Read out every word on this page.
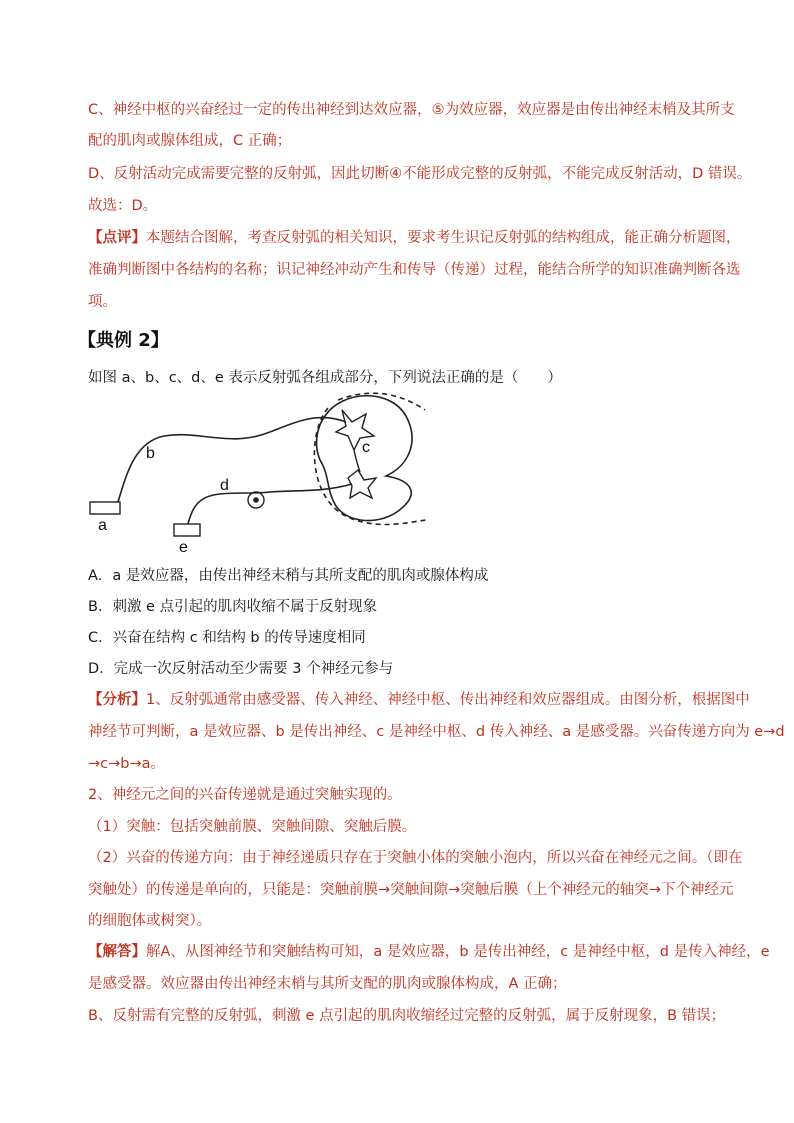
C、神经中枢的兴奋经过一定的传出神经到达效应器，⑤为效应器，效应器是由传出神经末梢及其所支
配的肌肉或腺体组成，C 正确；
D、反射活动完成需要完整的反射弧，因此切断④不能形成完整的反射弧，不能完成反射活动，D 错误。
故选：D。
【点评】本题结合图解，考查反射弧的相关知识，要求考生识记反射弧的结构组成，能正确分析题图，
准确判断图中各结构的名称；识记神经冲动产生和传导（传递）过程，能结合所学的知识准确判断各选
项。
【典例 2】
如图 a、b、c、d、e 表示反射弧各组成部分，下列说法正确的是（　　）
a
b	c
d
e
A．a 是效应器，由传出神经末稍与其所支配的肌肉或腺体构成
B．刺激 e 点引起的肌肉收缩不属于反射现象
C．兴奋在结构 c 和结构 b 的传导速度相同
D．完成一次反射活动至少需要 3 个神经元参与
【分析】1、反射弧通常由感受器、传入神经、神经中枢、传出神经和效应器组成。由图分析，根据图中
神经节可判断，a 是效应器、b 是传出神经、c 是神经中枢、d 传入神经、a 是感受器。兴奋传递方向为 e→d
→c→b→a。
2、神经元之间的兴奋传递就是通过突触实现的。
（1）突触：包括突触前膜、突触间隙、突触后膜。
（2）兴奋的传递方向：由于神经递质只存在于突触小体的突触小泡内，所以兴奋在神经元之间。（即在
突触处）的传递是单向的，只能是：突触前膜→突触间隙→突触后膜（上个神经元的轴突→下个神经元
的细胞体或树突）。
【解答】解A、从图神经节和突触结构可知，a 是效应器，b 是传出神经，c 是神经中枢，d 是传入神经，e
是感受器。效应器由传出神经末梢与其所支配的肌肉或腺体构成，A 正确；
B、反射需有完整的反射弧，刺激 e 点引起的肌肉收缩经过完整的反射弧，属于反射现象，B 错误；
